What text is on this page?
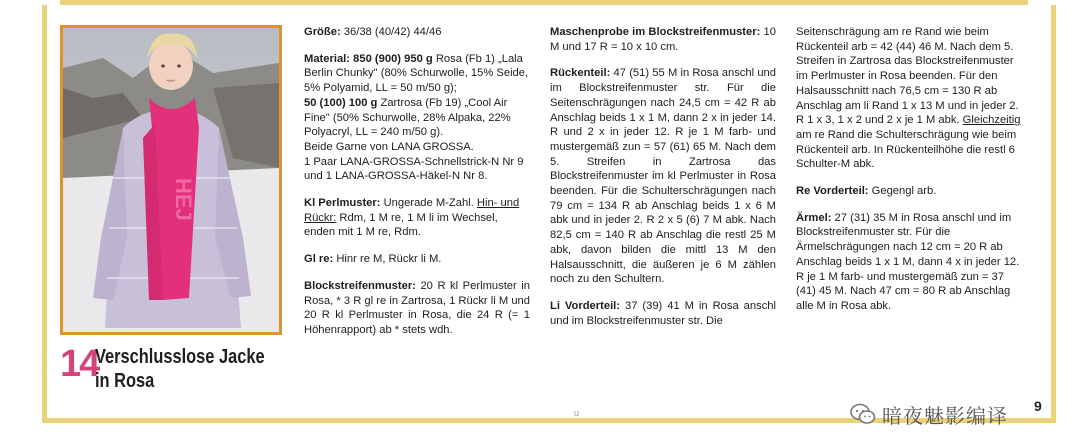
HEJ
14
Verschlusslose Jacke
in Rosa

Größe: 36/38 (40/42) 44/46

Material: 850 (900) 950 g Rosa (Fb 1) „Lala Berlin Chunky" (80% Schurwolle, 15% Seide, 5% Polyamid, LL = 50 m/50 g);
50 (100) 100 g Zartrosa (Fb 19) „Cool Air Fine" (50% Schurwolle, 28% Alpaka, 22% Polyacryl, LL = 240 m/50 g).
Beide Garne von LANA GROSSA.
1 Paar LANA-GROSSA-Schnellstrick-N Nr 9 und 1 LANA-GROSSA-Häkel-N Nr 8.

Kl Perlmuster: Ungerade M-Zahl. Hin- und Rückr: Rdm, 1 M re, 1 M li im Wechsel, enden mit 1 M re, Rdm.

Gl re: Hinr re M, Rückr li M.

Blockstreifenmuster: 20 R kl Perlmuster in Rosa, * 3 R gl re in Zartrosa, 1 Rückr li M und 20 R kl Perlmuster in Rosa, die 24 R (= 1 Höhenrapport) ab * stets wdh.

Maschenprobe im Blockstreifenmuster: 10 M und 17 R = 10 x 10 cm.

Rückenteil: 47 (51) 55 M in Rosa anschl und im Blockstreifenmuster str. Für die Seitenschrägungen nach 24,5 cm = 42 R ab Anschlag beids 1 x 1 M, dann 2 x in jeder 14. R und 2 x in jeder 12. R je 1 M farb- und mustergemäß zun = 57 (61) 65 M. Nach dem 5. Streifen in Zartrosa das Blockstreifenmuster im kl Perlmuster in Rosa beenden. Für die Schulterschrägungen nach 79 cm = 134 R ab Anschlag beids 1 x 6 M abk und in jeder 2. R 2 x 5 (6) 7 M abk. Nach 82,5 cm = 140 R ab Anschlag die restl 25 M abk, davon bilden die mittl 13 M den Halsausschnitt, die äußeren je 6 M zählen noch zu den Schultern.

Li Vorderteil: 37 (39) 41 M in Rosa anschl und im Blockstreifenmuster str. Die

Seitenschrägung am re Rand wie beim Rückenteil arb = 42 (44) 46 M. Nach dem 5. Streifen in Zartrosa das Blockstreifenmuster im Perlmuster in Rosa beenden. Für den Halsausschnitt nach 76,5 cm = 130 R ab Anschlag am li Rand 1 x 13 M und in jeder 2. R 1 x 3, 1 x 2 und 2 x je 1 M abk. Gleichzeitig am re Rand die Schulterschrägung wie beim Rückenteil arb. In Rückenteilhöhe die restl 6 Schulter-M abk.

Re Vorderteil: Gegengl arb.

Ärmel: 27 (31) 35 M in Rosa anschl und im Blockstreifenmuster str. Für die Ärmelschrägungen nach 12 cm = 20 R ab Anschlag beids 1 x 1 M, dann 4 x in jeder 12. R je 1 M farb- und mustergemäß zun = 37 (41) 45 M. Nach 47 cm = 80 R ab Anschlag alle M in Rosa abk.

u	暗夜魅影编译 9
